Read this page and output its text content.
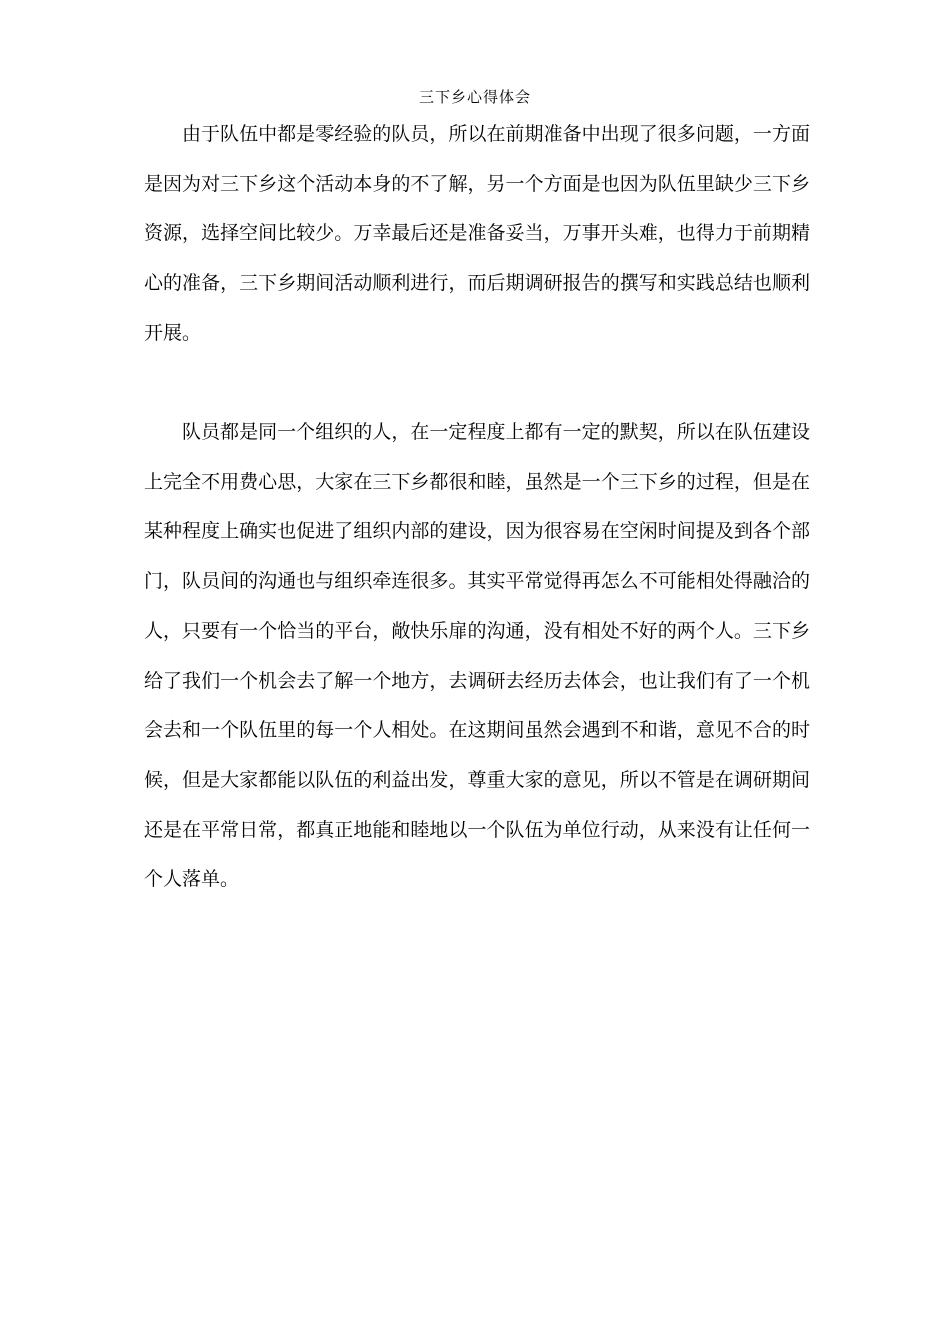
三下乡心得体会

由于队伍中都是零经验的队员，所以在前期准备中出现了很多问题，一方面是因为对三下乡这个活动本身的不了解，另一个方面是也因为队伍里缺少三下乡资源，选择空间比较少。万幸最后还是准备妥当，万事开头难，也得力于前期精心的准备，三下乡期间活动顺利进行，而后期调研报告的撰写和实践总结也顺利开展。

队员都是同一个组织的人，在一定程度上都有一定的默契，所以在队伍建设上完全不用费心思，大家在三下乡都很和睦，虽然是一个三下乡的过程，但是在某种程度上确实也促进了组织内部的建设，因为很容易在空闲时间提及到各个部门，队员间的沟通也与组织牵连很多。其实平常觉得再怎么不可能相处得融洽的人，只要有一个恰当的平台，敞快乐扉的沟通，没有相处不好的两个人。三下乡给了我们一个机会去了解一个地方，去调研去经历去体会，也让我们有了一个机会去和一个队伍里的每一个人相处。在这期间虽然会遇到不和谐，意见不合的时候，但是大家都能以队伍的利益出发，尊重大家的意见，所以不管是在调研期间还是在平常日常，都真正地能和睦地以一个队伍为单位行动，从来没有让任何一个人落单。
